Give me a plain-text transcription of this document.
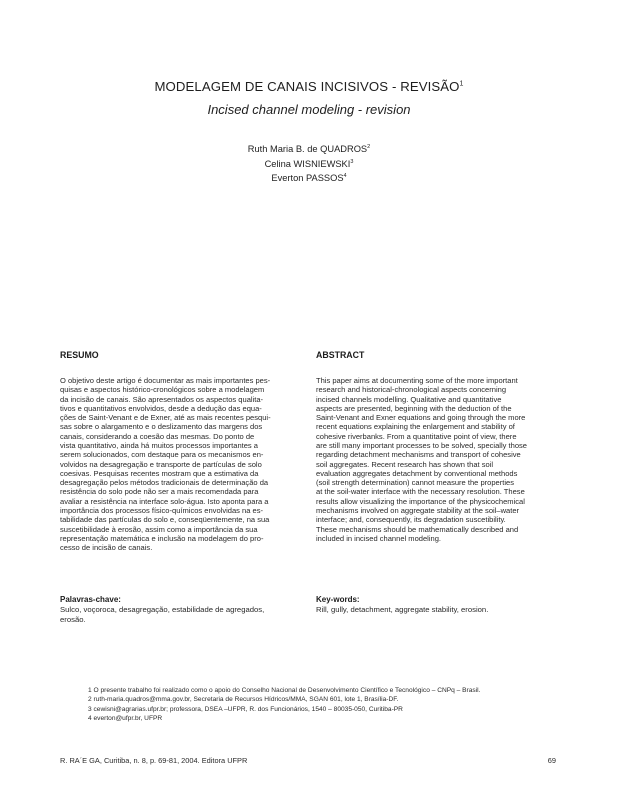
MODELAGEM DE CANAIS INCISIVOS - REVISÃO$^1$
Incised channel modeling - revision
Ruth Maria B. de QUADROS$^2$
Celina WISNIEWSKI$^3$
Everton PASSOS$^4$
RESUMO
O objetivo deste artigo é documentar as mais importantes pes-
quisas e aspectos histórico-cronológicos sobre a modelagem
da incisão de canais. São apresentados os aspectos qualita-
tivos e quantitativos envolvidos, desde a dedução das equa-
ções de Saint-Venant e de Exner, até as mais recentes pesqui-
sas sobre o alargamento e o deslizamento das margens dos
canais, considerando a coesão das mesmas. Do ponto de
vista quantitativo, ainda há muitos processos importantes a
serem solucionados, com destaque para os mecanismos en-
volvidos na desagregação e transporte de partículas de solo
coesivas. Pesquisas recentes mostram que a estimativa da
desagregação pelos métodos tradicionais de determinação da
resistência do solo pode não ser a mais recomendada para
avaliar a resistência na interface solo-água. Isto aponta para a
importância dos processos físico-químicos envolvidas na es-
tabilidade das partículas do solo e, conseqüentemente, na sua
suscetibilidade à erosão, assim como a importância da sua
representação matemática e inclusão na modelagem do pro-
cesso de incisão de canais.
Palavras-chave:
Sulco, voçoroca, desagregação, estabilidade de agregados,
erosão.
ABSTRACT
This paper aims at documenting some of the more important
research and historical-chronological aspects concerning
incised channels modelling. Qualitative and quantitative
aspects are presented, beginning with the deduction of the
Saint-Venant and Exner equations and going through the more
recent equations explaining the enlargement and stability of
cohesive riverbanks. From a quantitative point of view, there
are still many important processes to be solved, specially those
regarding detachment mechanisms and transport of cohesive
soil aggregates. Recent research has shown that soil
evaluation aggregates detachment by conventional methods
(soil strength determination) cannot measure the properties
at the soil-water interface with the necessary resolution. These
results allow visualizing the importance of the physicochemical
mechanisms involved on aggregate stability at the soil–water
interface; and, consequently, its degradation suscetibility.
These mechanisms should be mathematically described and
included in incised channel modeling.
Key-words:
Rill, gully, detachment, aggregate stability, erosion.
1 O presente trabalho foi realizado como o apoio do Conselho Nacional de Desenvolvimento Científico e Tecnológico – CNPq – Brasil.
2 ruth-maria.quadros@mma.gov.br, Secretaria de Recursos Hídricos/MMA, SGAN 601, lote 1, Brasília-DF.
3 cewisni@agrarias.ufpr.br; professora, DSEA –UFPR, R. dos Funcionários, 1540 – 80035-050, Curitiba-PR
4 everton@ufpr.br, UFPR
R. RA´E GA, Curitiba, n. 8, p. 69-81, 2004. Editora UFPR	69
